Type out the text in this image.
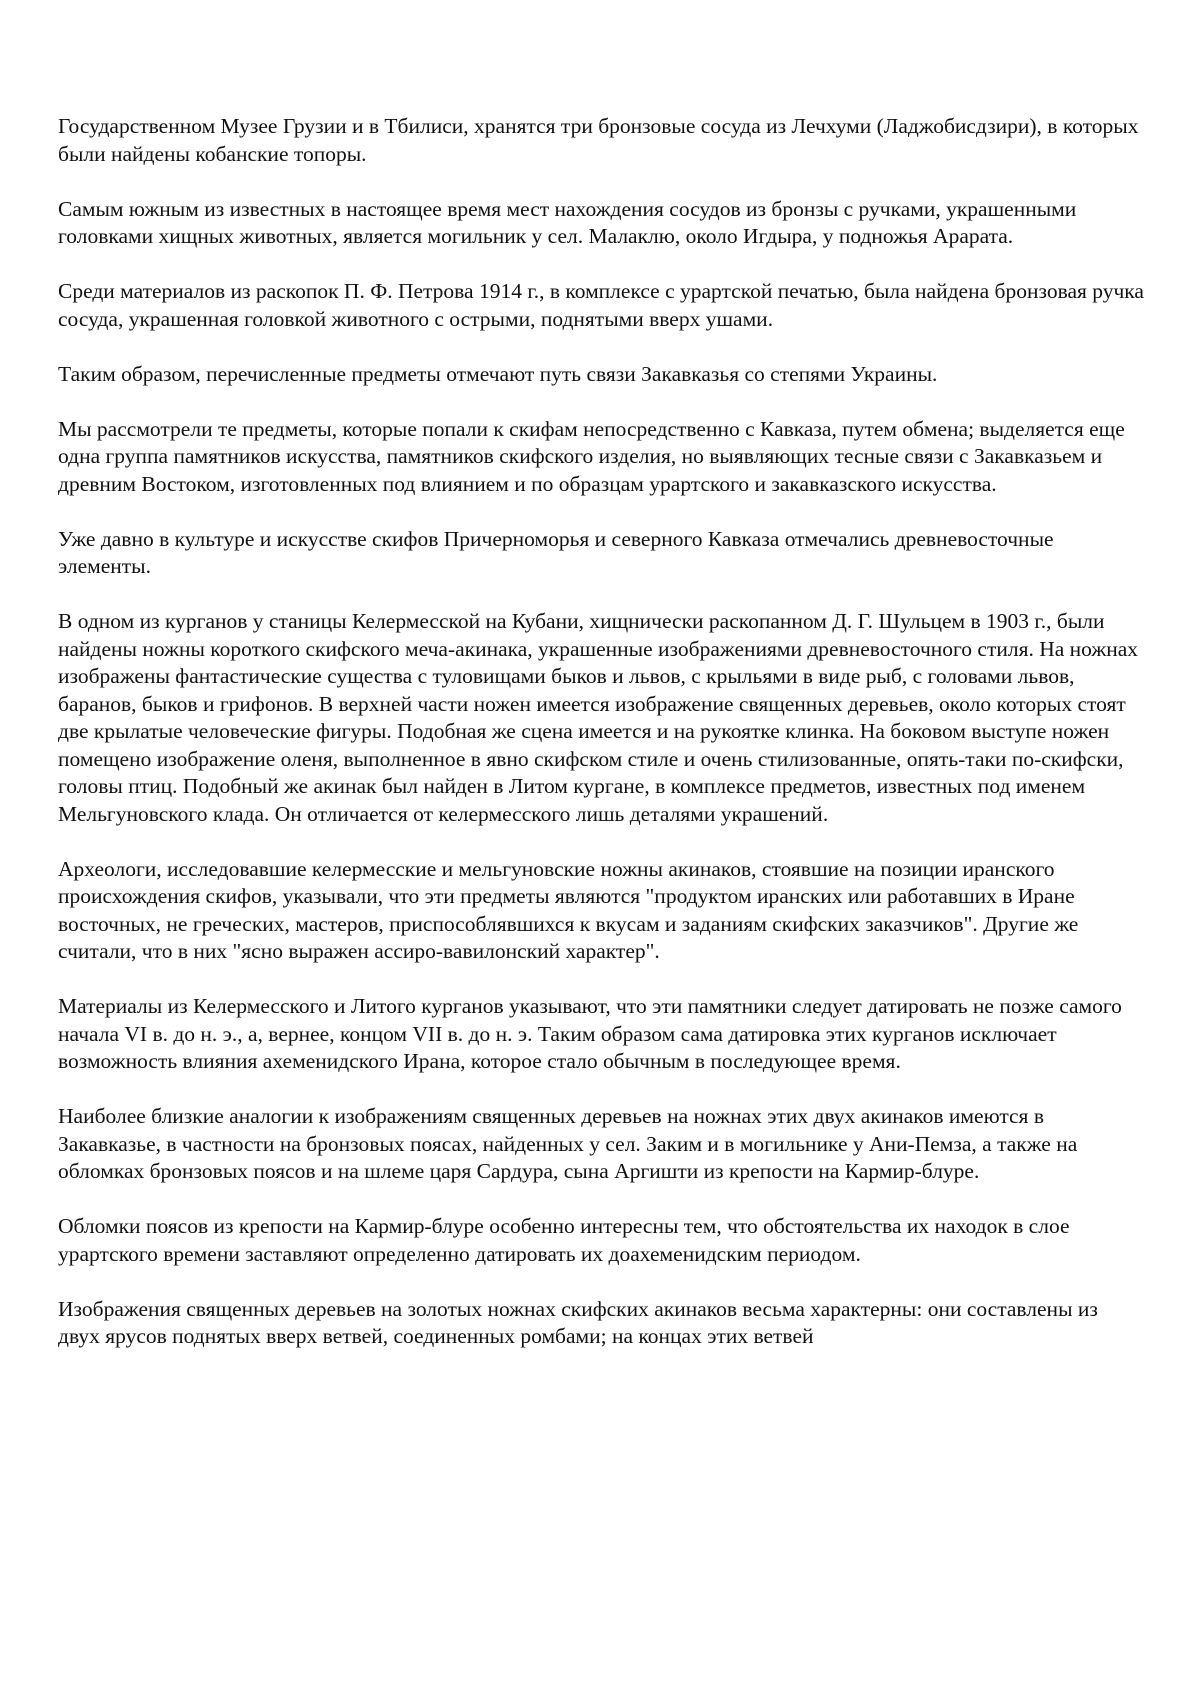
Государственном Музее Грузии и в Тбилиси, хранятся три бронзовые сосуда из Лечхуми (Ладжобисдзири), в которых были найдены кобанские топоры.

Самым южным из известных в настоящее время мест нахождения сосудов из бронзы с ручками, украшенными головками хищных животных, является могильник у сел. Малаклю, около Игдыра, у подножья Арарата.

Среди материалов из раскопок П. Ф. Петрова 1914 г., в комплексе с урартской печатью, была найдена бронзовая ручка сосуда, украшенная головкой животного с острыми, поднятыми вверх ушами.

Таким образом, перечисленные предметы отмечают путь связи Закавказья со степями Украины.

Мы рассмотрели те предметы, которые попали к скифам непосредственно с Кавказа, путем обмена; выделяется еще одна группа памятников искусства, памятников скифского изделия, но выявляющих тесные связи с Закавказьем и древним Востоком, изготовленных под влиянием и по образцам урартского и закавказского искусства.

Уже давно в культуре и искусстве скифов Причерноморья и северного Кавказа отмечались древневосточные элементы.

В одном из курганов у станицы Келермесской на Кубани, хищнически раскопанном Д. Г. Шульцем в 1903 г., были найдены ножны короткого скифского меча-акинака, украшенные изображениями древневосточного стиля. На ножнах изображены фантастические существа с туловищами быков и львов, с крыльями в виде рыб, с головами львов, баранов, быков и грифонов. В верхней части ножен имеется изображение священных деревьев, около которых стоят две крылатые человеческие фигуры. Подобная же сцена имеется и на рукоятке клинка. На боковом выступе ножен помещено изображение оленя, выполненное в явно скифском стиле и очень стилизованные, опять-таки по-скифски, головы птиц. Подобный же акинак был найден в Литом кургане, в комплексе предметов, известных под именем Мельгуновского клада. Он отличается от келермесского лишь деталями украшений.

Археологи, исследовавшие келермесские и мельгуновские ножны акинаков, стоявшие на позиции иранского происхождения скифов, указывали, что эти предметы являются "продуктом иранских или работавших в Иране восточных, не греческих, мастеров, приспособлявшихся к вкусам и заданиям скифских заказчиков". Другие же считали, что в них "ясно выражен ассиро-вавилонский характер".

Материалы из Келермесского и Литого курганов указывают, что эти памятники следует датировать не позже самого начала VI в. до н. э., а, вернее, концом VII в. до н. э. Таким образом сама датировка этих курганов исключает возможность влияния ахеменидского Ирана, которое стало обычным в последующее время.

Наиболее близкие аналогии к изображениям священных деревьев на ножнах этих двух акинаков имеются в Закавказье, в частности на бронзовых поясах, найденных у сел. Заким и в могильнике у Ани-Пемза, а также на обломках бронзовых поясов и на шлеме царя Сардура, сына Аргишти из крепости на Кармир-блуре.

Обломки поясов из крепости на Кармир-блуре особенно интересны тем, что обстоятельства их находок в слое урартского времени заставляют определенно датировать их доахеменидским периодом.

Изображения священных деревьев на золотых ножнах скифских акинаков весьма характерны: они составлены из двух ярусов поднятых вверх ветвей, соединенных ромбами; на концах этих ветвей
